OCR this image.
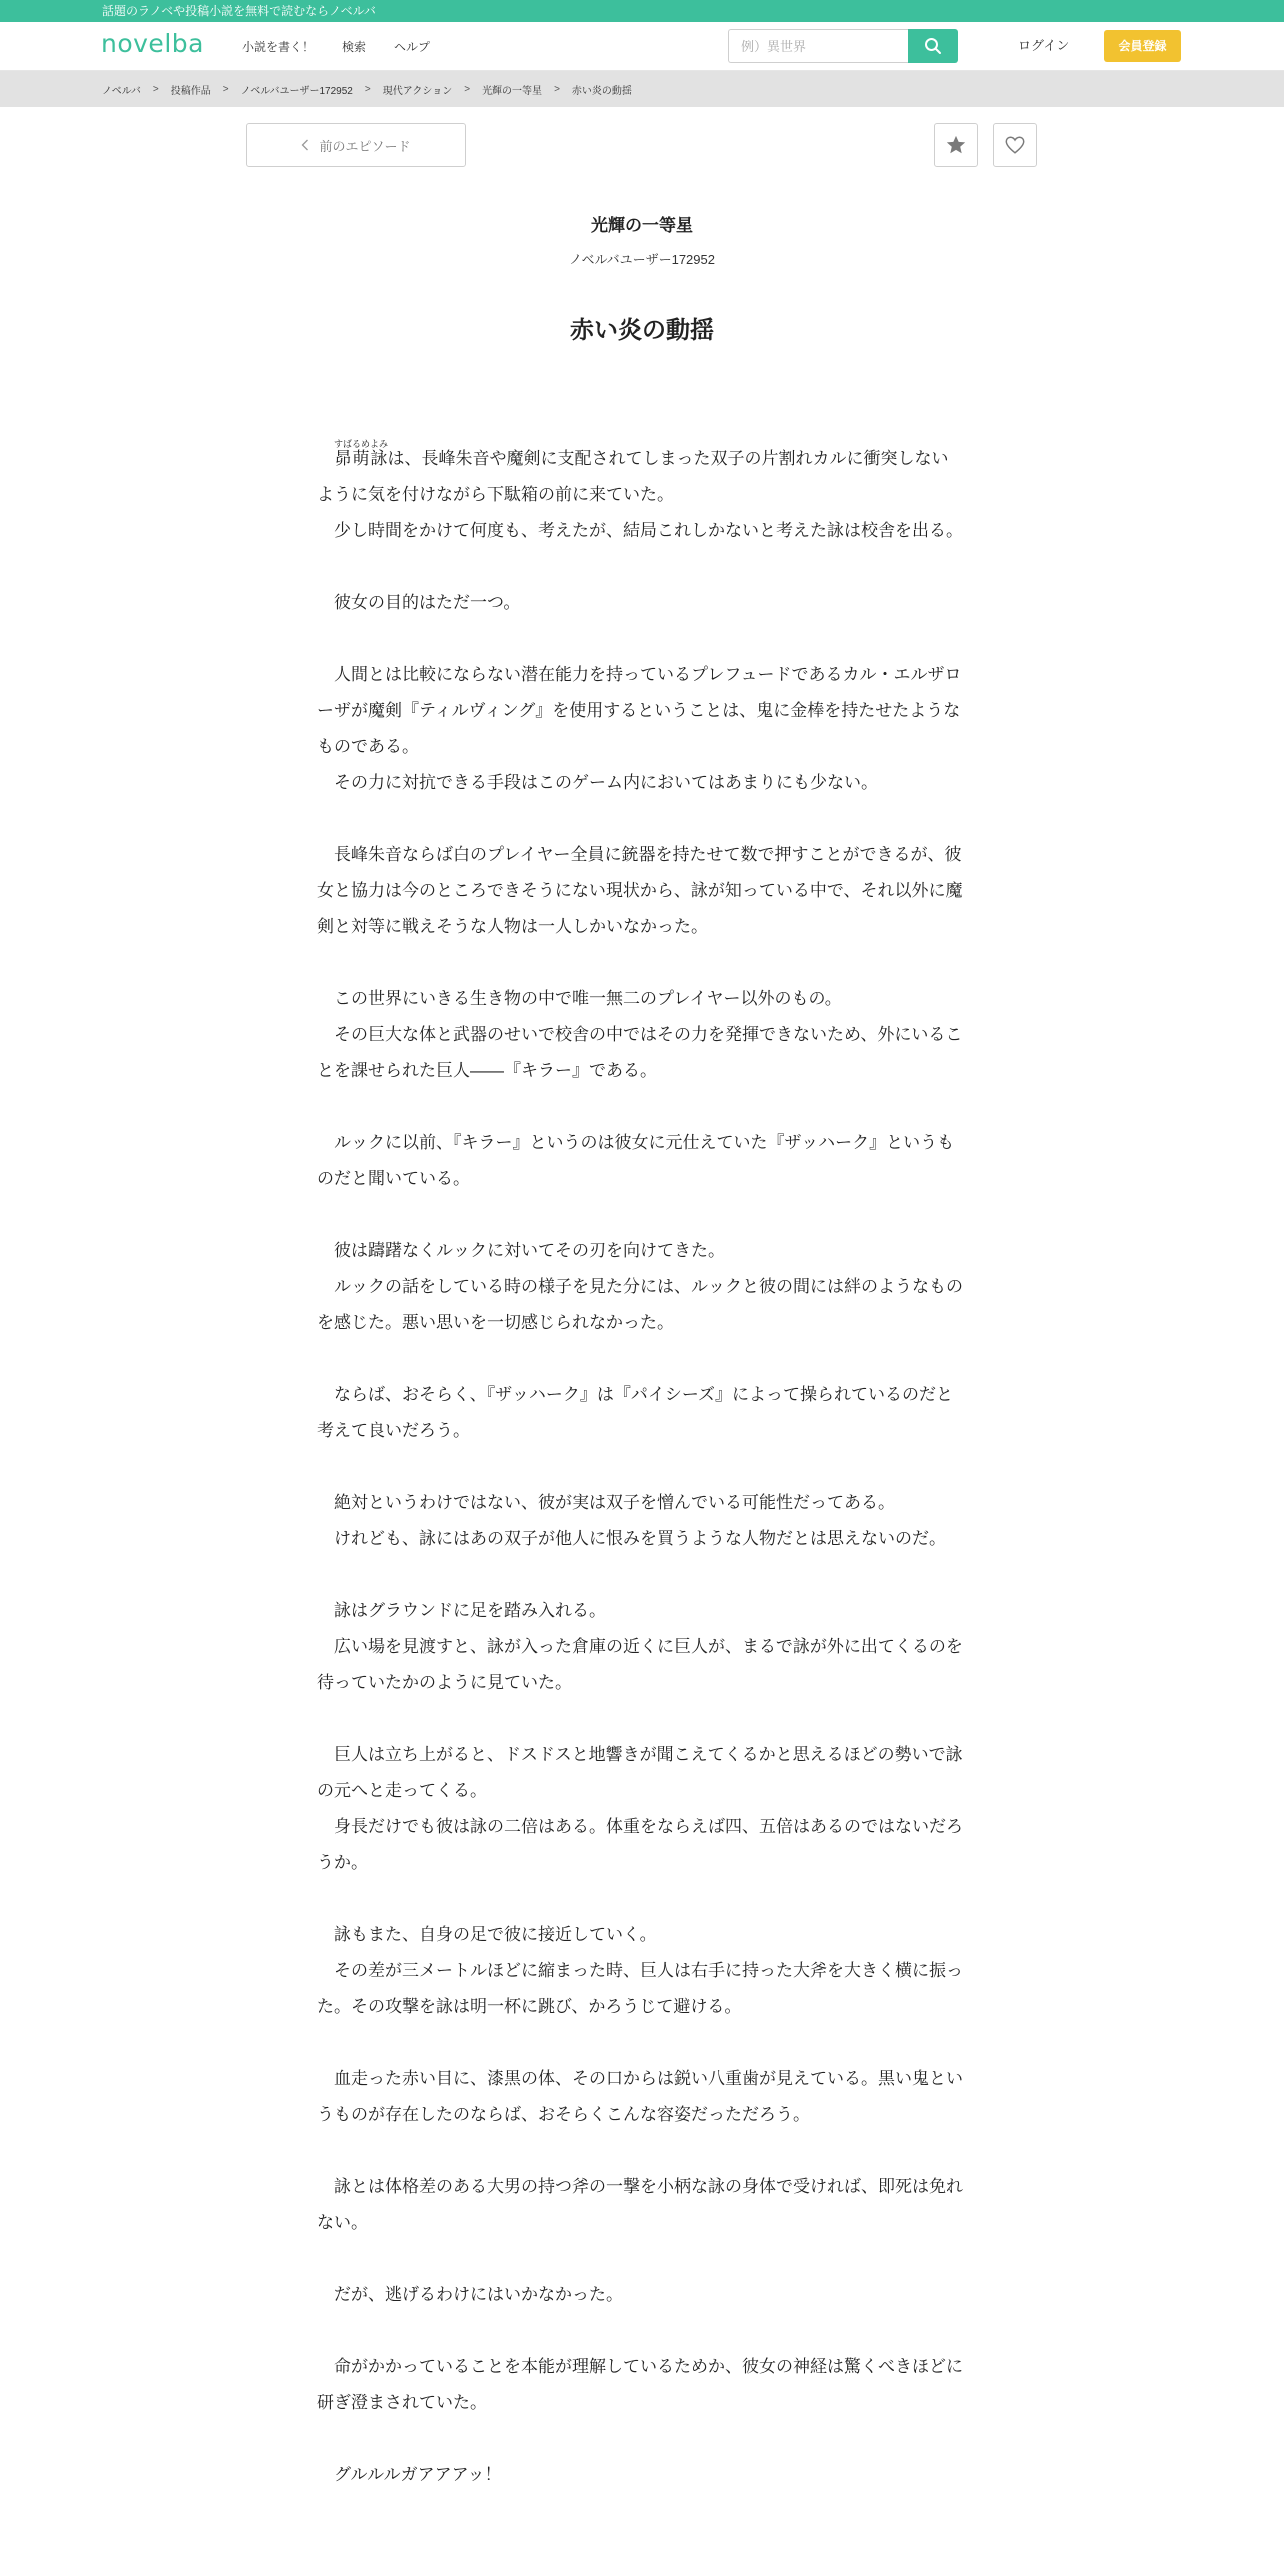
話題のラノベや投稿小説を無料で読むならノベルバ
novelba	小説を書く！ 検索 ヘルプ
例）異世界	ログイン	会員登録
ノベルバ > 投稿作品 > ノベルバユーザー172952 > 現代アクション > 光輝の一等星 > 赤い炎の動揺
前のエピソード
光輝の一等星
ノベルバユーザー172952
赤い炎の動揺

昴萌詠すばるめよみは、長峰朱音や魔剣に支配されてしまった双子の片割れカルに衝突しないように気を付けながら下駄箱の前に来ていた。

少し時間をかけて何度も、考えたが、結局これしかないと考えた詠は校舎を出る。

彼女の目的はただ一つ。

人間とは比較にならない潜在能力を持っているプレフュードであるカル・エルザローザが魔剣『ティルヴィング』を使用するということは、鬼に金棒を持たせたようなものである。

その力に対抗できる手段はこのゲーム内においてはあまりにも少ない。

長峰朱音ならば白のプレイヤー全員に銃器を持たせて数で押すことができるが、彼女と協力は今のところできそうにない現状から、詠が知っている中で、それ以外に魔剣と対等に戦えそうな人物は一人しかいなかった。

この世界にいきる生き物の中で唯一無二のプレイヤー以外のもの。

その巨大な体と武器のせいで校舎の中ではその力を発揮できないため、外にいることを課せられた巨人――『キラー』である。

ルックに以前、『キラー』というのは彼女に元仕えていた『ザッハーク』というものだと聞いている。

彼は躊躇なくルックに対いてその刃を向けてきた。

ルックの話をしている時の様子を見た分には、ルックと彼の間には絆のようなものを感じた。悪い思いを一切感じられなかった。

ならば、おそらく、『ザッハーク』は『パイシーズ』によって操られているのだと考えて良いだろう。

絶対というわけではない、彼が実は双子を憎んでいる可能性だってある。

けれども、詠にはあの双子が他人に恨みを買うような人物だとは思えないのだ。

詠はグラウンドに足を踏み入れる。

広い場を見渡すと、詠が入った倉庫の近くに巨人が、まるで詠が外に出てくるのを待っていたかのように見ていた。

巨人は立ち上がると、ドスドスと地響きが聞こえてくるかと思えるほどの勢いで詠の元へと走ってくる。

身長だけでも彼は詠の二倍はある。体重をならえば四、五倍はあるのではないだろうか。

詠もまた、自身の足で彼に接近していく。

その差が三メートルほどに縮まった時、巨人は右手に持った大斧を大きく横に振った。その攻撃を詠は明一杯に跳び、かろうじて避ける。

血走った赤い目に、漆黒の体、その口からは鋭い八重歯が見えている。黒い鬼というものが存在したのならば、おそらくこんな容姿だっただろう。

詠とは体格差のある大男の持つ斧の一撃を小柄な詠の身体で受ければ、即死は免れない。

だが、逃げるわけにはいかなかった。

命がかかっていることを本能が理解しているためか、彼女の神経は驚くべきほどに研ぎ澄まされていた。

グルルルガアアアッ！
